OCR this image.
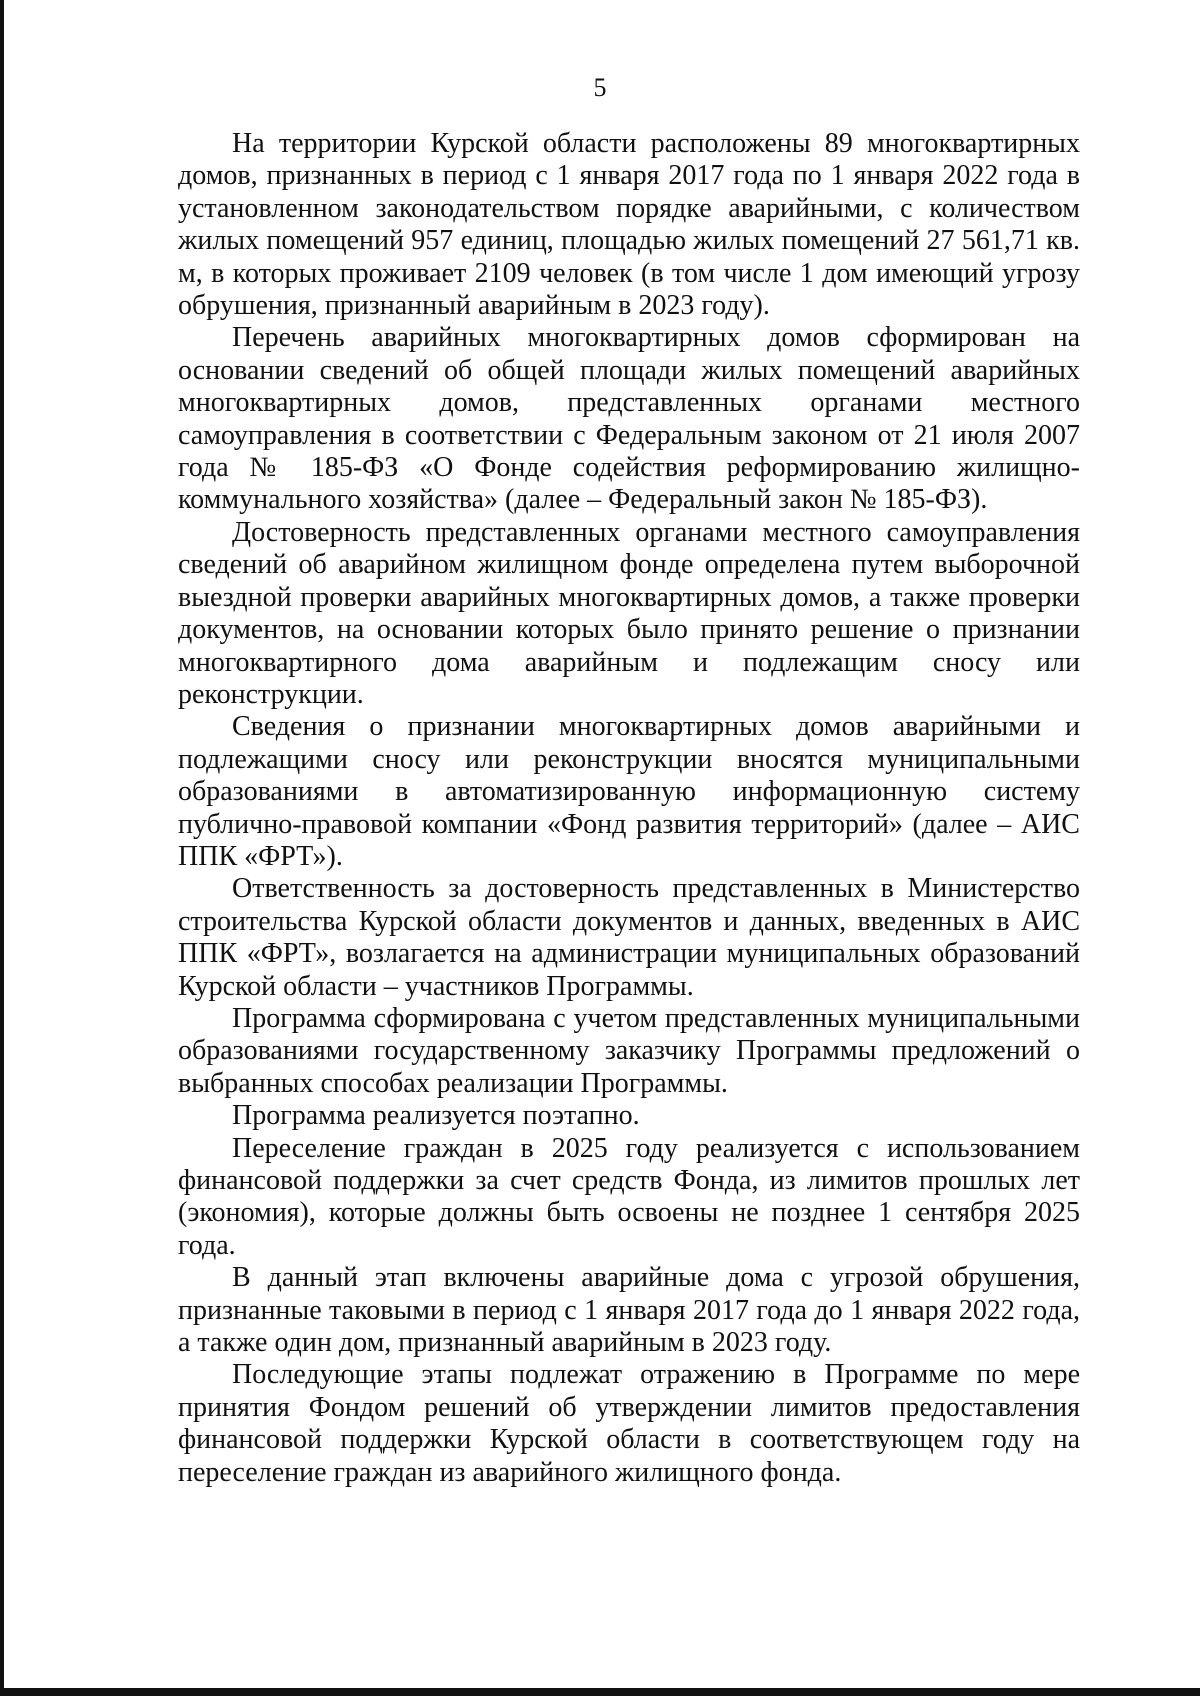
5

На территории Курской области расположены 89 многоквартирных домов, признанных в период с 1 января 2017 года по 1 января 2022 года в установленном законодательством порядке аварийными, с количеством жилых помещений 957 единиц, площадью жилых помещений 27 561,71 кв. м, в которых проживает 2109 человек (в том числе 1 дом имеющий угрозу обрушения, признанный аварийным в 2023 году).

Перечень аварийных многоквартирных домов сформирован на основании сведений об общей площади жилых помещений аварийных многоквартирных домов, представленных органами местного самоуправления в соответствии с Федеральным законом от 21 июля 2007 года № 185-ФЗ «О Фонде содействия реформированию жилищно-коммунального хозяйства» (далее – Федеральный закон № 185-ФЗ).

Достоверность представленных органами местного самоуправления сведений об аварийном жилищном фонде определена путем выборочной выездной проверки аварийных многоквартирных домов, а также проверки документов, на основании которых было принято решение о признании многоквартирного дома аварийным и подлежащим сносу или реконструкции.

Сведения о признании многоквартирных домов аварийными и подлежащими сносу или реконструкции вносятся муниципальными образованиями в автоматизированную информационную систему публично-правовой компании «Фонд развития территорий» (далее – АИС ППК «ФРТ»).

Ответственность за достоверность представленных в Министерство строительства Курской области документов и данных, введенных в АИС ППК «ФРТ», возлагается на администрации муниципальных образований Курской области – участников Программы.

Программа сформирована с учетом представленных муниципальными образованиями государственному заказчику Программы предложений о выбранных способах реализации Программы.

Программа реализуется поэтапно.

Переселение граждан в 2025 году реализуется с использованием финансовой поддержки за счет средств Фонда, из лимитов прошлых лет (экономия), которые должны быть освоены не позднее 1 сентября 2025 года.

В данный этап включены аварийные дома с угрозой обрушения, признанные таковыми в период с 1 января 2017 года до 1 января 2022 года, а также один дом, признанный аварийным в 2023 году.

Последующие этапы подлежат отражению в Программе по мере принятия Фондом решений об утверждении лимитов предоставления финансовой поддержки Курской области в соответствующем году на переселение граждан из аварийного жилищного фонда.
